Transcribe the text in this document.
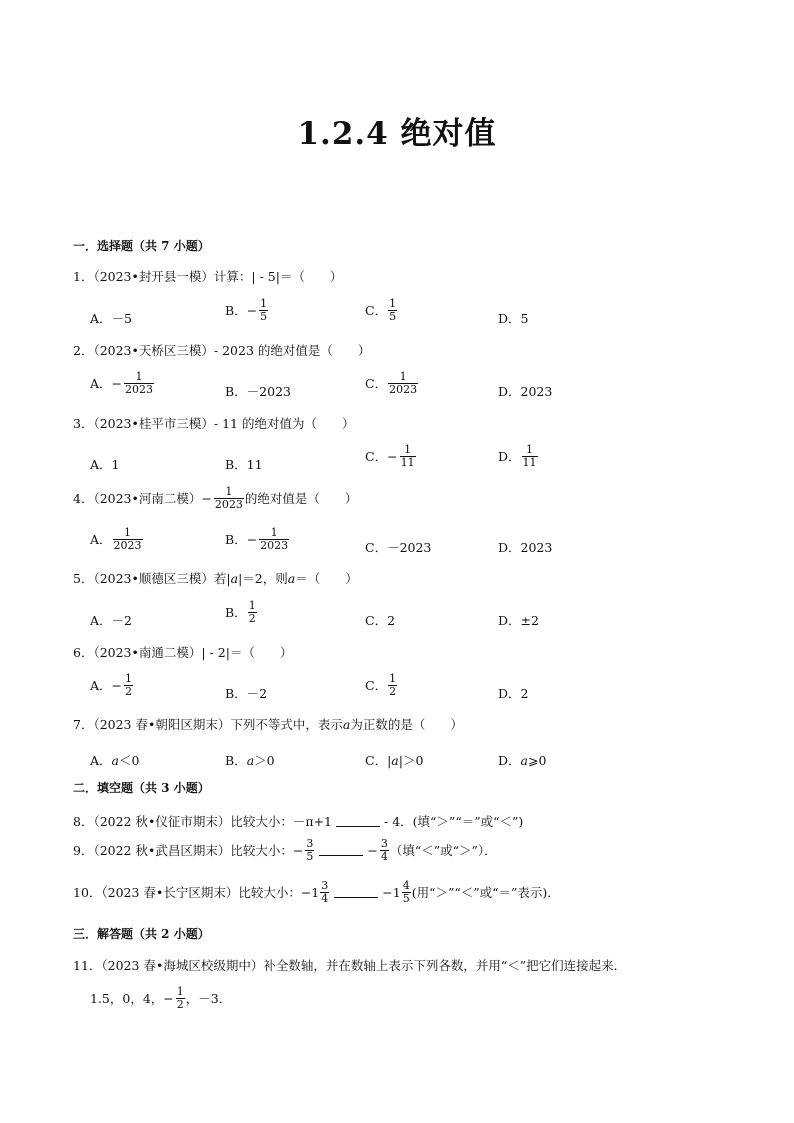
1.2.4 绝对值
一．选择题（共 7 小题）
1．（2023•封开县一模）计算：| - 5|＝（　　）
A．－5
B． − $\frac{1}{5}$	C． $\frac{1}{5}$	D．5
2．（2023•天桥区三模）- 2023 的绝对值是（　　）
A． − $\frac{1}{2023}$	B．－2023
C． $\frac{1}{2023}$	D．2023
3．（2023•桂平市三模）- 11 的绝对值为（　　）
A．1	B．11
C． − $\frac{1}{11}$	D． $\frac{1}{11}$
4．（2023•河南二模） − $\frac{1}{2023}$ 的绝对值是（　　）
A． $\frac{1}{2023}$	B． − $\frac{1}{2023}$	C．－2023	D．2023
5．（2023•顺德区三模）若|a|＝2，则a＝（　　）
A．－2
B． $\frac{1}{2}$	C．2	D．±2
6．（2023•南通二模）| - 2|＝（　　）
A． − $\frac{1}{2}$	B．－2
C． $\frac{1}{2}$	D．2
7．（2023 春•朝阳区期末）下列不等式中，表示a为正数的是（　　）
A． a ＜0	B． a ＞0	C．| a |＞0	D． a ⩾0
二．填空题（共 3 小题）
8．（2022 秋•仪征市期末）比较大小：－π+1	- 4．(填“＞”“＝”或“＜”)
9．（2022 秋•武昌区期末）比较大小： − $\frac{3}{5}$	− $\frac{3}{4}$ （填“＜”或“＞”）．
10．（2023 春•长宁区期末）比较大小： $-1 \frac{3}{4}$	$-1 \frac{4}{5}$ (用“＞”“＜”或“＝”表示)．
三．解答题（共 2 小题）
11．（2023 春•海城区校级期中）补全数轴，并在数轴上表示下列各数，并用“＜”把它们连接起来．
1.5，0，4， − $\frac{1}{2}$ ，－3．
